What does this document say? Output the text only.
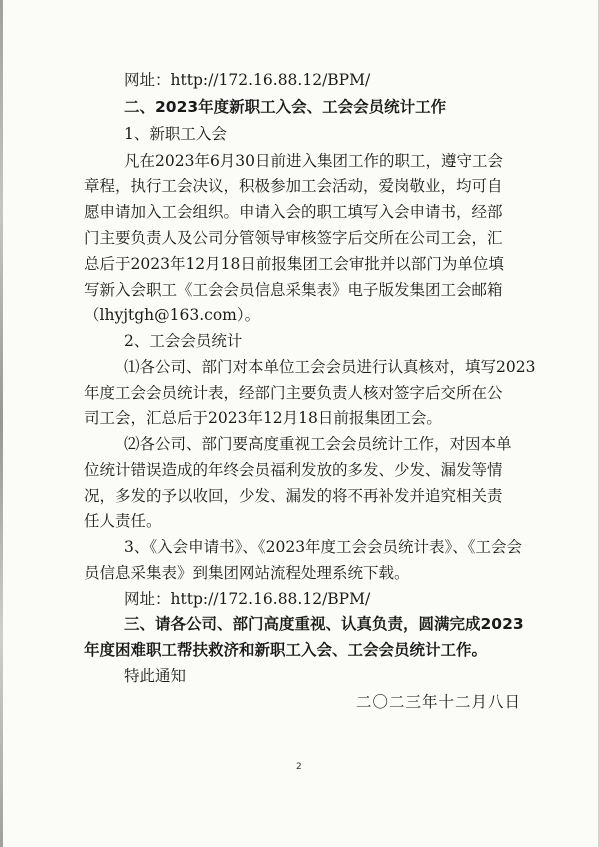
网址：http://172.16.88.12/BPM/
二、2023年度新职工入会、工会会员统计工作
1、新职工入会
凡在2023年6月30日前进入集团工作的职工，遵守工会
章程，执行工会决议，积极参加工会活动，爱岗敬业，均可自
愿申请加入工会组织。申请入会的职工填写入会申请书，经部
门主要负责人及公司分管领导审核签字后交所在公司工会，汇
总后于2023年12月18日前报集团工会审批并以部门为单位填
写新入会职工《工会会员信息采集表》电子版发集团工会邮箱
（lhyjtgh@163.com）。
2、工会会员统计
⑴各公司、部门对本单位工会会员进行认真核对，填写2023
年度工会会员统计表，经部门主要负责人核对签字后交所在公
司工会，汇总后于2023年12月18日前报集团工会。
⑵各公司、部门要高度重视工会会员统计工作，对因本单
位统计错误造成的年终会员福利发放的多发、少发、漏发等情
况，多发的予以收回，少发、漏发的将不再补发并追究相关责
任人责任。
3、《入会申请书》、《2023年度工会会员统计表》、《工会会
员信息采集表》到集团网站流程处理系统下载。
网址：http://172.16.88.12/BPM/
三、请各公司、部门高度重视、认真负责，圆满完成2023
年度困难职工帮扶救济和新职工入会、工会会员统计工作。
特此通知
二〇二三年十二月八日
2
